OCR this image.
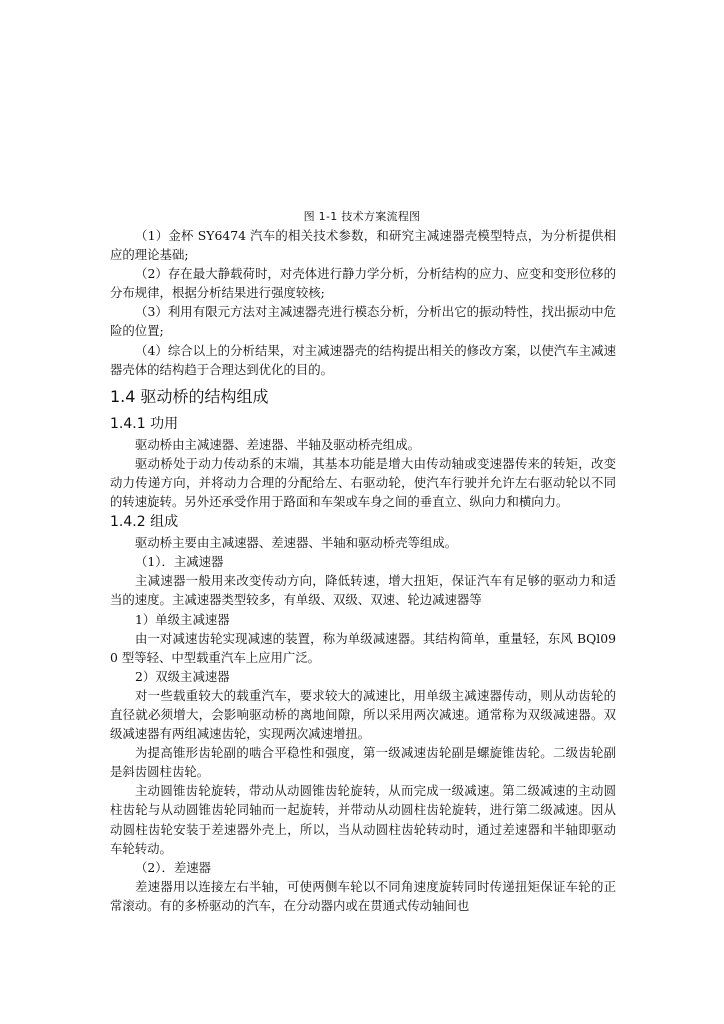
图 1-1 技术方案流程图

（1）金杯 SY6474 汽车的相关技术参数，和研究主减速器壳模型特点，为分析提供相应的理论基础;

（2）存在最大静载荷时，对壳体进行静力学分析，分析结构的应力、应变和变形位移的分布规律，根据分析结果进行强度较核;

（3）利用有限元方法对主减速器壳进行模态分析，分析出它的振动特性，找出振动中危险的位置;

（4）综合以上的分析结果，对主减速器壳的结构提出相关的修改方案，以使汽车主减速器壳体的结构趋于合理达到优化的目的。

1.4 驱动桥的结构组成
1.4.1 功用

驱动桥由主减速器、差速器、半轴及驱动桥壳组成。

驱动桥处于动力传动系的末端，其基本功能是增大由传动轴或变速器传来的转矩，改变动力传递方向，并将动力合理的分配给左、右驱动轮，使汽车行驶并允许左右驱动轮以不同的转速旋转。另外还承受作用于路面和车架或车身之间的垂直立、纵向力和横向力。

1.4.2 组成

驱动桥主要由主减速器、差速器、半轴和驱动桥壳等组成。

（1）．主减速器

主减速器一般用来改变传动方向，降低转速，增大扭矩，保证汽车有足够的驱动力和适当的速度。主减速器类型较多，有单级、双级、双速、轮边减速器等

1）单级主减速器

由一对减速齿轮实现减速的装置，称为单级减速器。其结构简单，重量轻，东风 BQl090 型等轻、中型载重汽车上应用广泛。

2）双级主减速器

对一些载重较大的载重汽车，要求较大的减速比，用单级主减速器传动，则从动齿轮的直径就必须增大，会影响驱动桥的离地间隙，所以采用两次减速。通常称为双级减速器。双级减速器有两组减速齿轮，实现两次减速增扭。

为提高锥形齿轮副的啮合平稳性和强度，第一级减速齿轮副是螺旋锥齿轮。二级齿轮副是斜齿圆柱齿轮。

主动圆锥齿轮旋转，带动从动圆锥齿轮旋转，从而完成一级减速。第二级减速的主动圆柱齿轮与从动圆锥齿轮同轴而一起旋转，并带动从动圆柱齿轮旋转，进行第二级减速。因从动圆柱齿轮安装于差速器外壳上，所以，当从动圆柱齿轮转动时，通过差速器和半轴即驱动车轮转动。

（2）．差速器

差速器用以连接左右半轴，可使两侧车轮以不同角速度旋转同时传递扭矩保证车轮的正常滚动。有的多桥驱动的汽车，在分动器内或在贯通式传动轴间也
